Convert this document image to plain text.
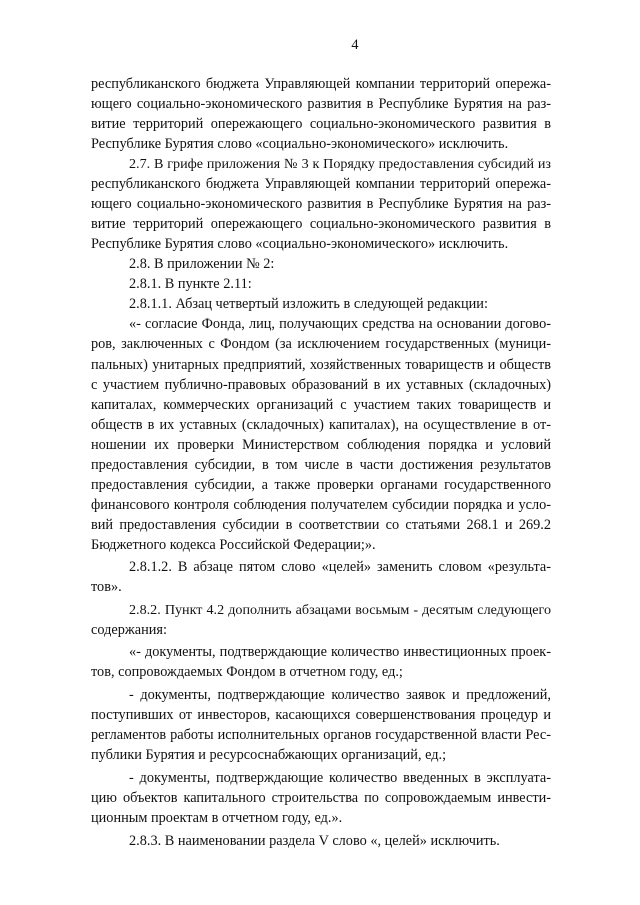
4
республиканского бюджета Управляющей компании территорий опережа-
ющего социально-экономического развития в Республике Бурятия на раз-
витие территорий опережающего социально-экономического развития в
Республике Бурятия слово «социально-экономического» исключить.
2.7. В грифе приложения № 3 к Порядку предоставления субсидий из
республиканского бюджета Управляющей компании территорий опережа-
ющего социально-экономического развития в Республике Бурятия на раз-
витие территорий опережающего социально-экономического развития в
Республике Бурятия слово «социально-экономического» исключить.
2.8. В приложении № 2:
2.8.1. В пункте 2.11:
2.8.1.1. Абзац четвертый изложить в следующей редакции:
«- согласие Фонда, лиц, получающих средства на основании догово-
ров, заключенных с Фондом (за исключением государственных (муници-
пальных) унитарных предприятий, хозяйственных товариществ и обществ
с участием публично-правовых образований в их уставных (складочных)
капиталах, коммерческих организаций с участием таких товариществ и
обществ в их уставных (складочных) капиталах), на осуществление в от-
ношении их проверки Министерством соблюдения порядка и условий
предоставления субсидии, в том числе в части достижения результатов
предоставления субсидии, а также проверки органами государственного
финансового контроля соблюдения получателем субсидии порядка и усло-
вий предоставления субсидии в соответствии со статьями 268.1 и 269.2
Бюджетного кодекса Российской Федерации;».
2.8.1.2. В абзаце пятом слово «целей» заменить словом «результа-
тов».
2.8.2. Пункт 4.2 дополнить абзацами восьмым - десятым следующего
содержания:
«- документы, подтверждающие количество инвестиционных проек-
тов, сопровождаемых Фондом в отчетном году, ед.;
- документы, подтверждающие количество заявок и предложений,
поступивших от инвесторов, касающихся совершенствования процедур и
регламентов работы исполнительных органов государственной власти Рес-
публики Бурятия и ресурсоснабжающих организаций, ед.;
- документы, подтверждающие количество введенных в эксплуата-
цию объектов капитального строительства по сопровождаемым инвести-
ционным проектам в отчетном году, ед.».
2.8.3. В наименовании раздела V слово «, целей» исключить.
